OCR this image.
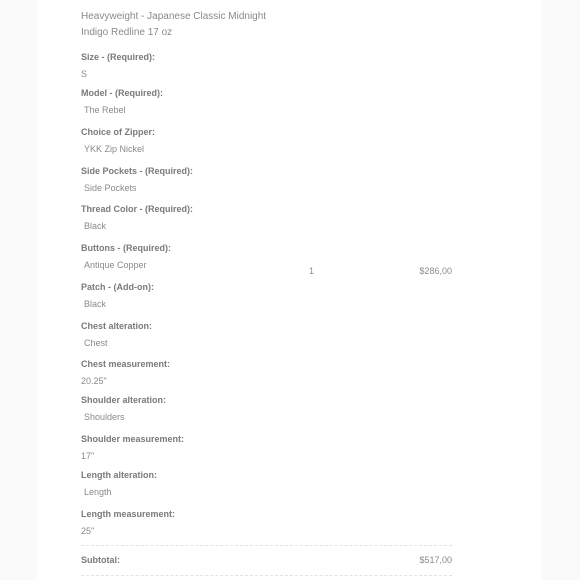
Heavyweight - Japanese Classic Midnight
Indigo Redline 17 oz
Size - (Required):
S
Model - (Required):
The Rebel
Choice of Zipper:
YKK Zip Nickel
Side Pockets - (Required):
Side Pockets
Thread Color - (Required):
Black
Buttons - (Required):
Antique Copper
Patch - (Add-on):
Black
Chest alteration:
Chest
Chest measurement:
20.25"
Shoulder alteration:
Shoulders
Shoulder measurement:
17"
Length alteration:
Length
Length measurement:
25"
1	$286,00
Subtotal:	$517,00
